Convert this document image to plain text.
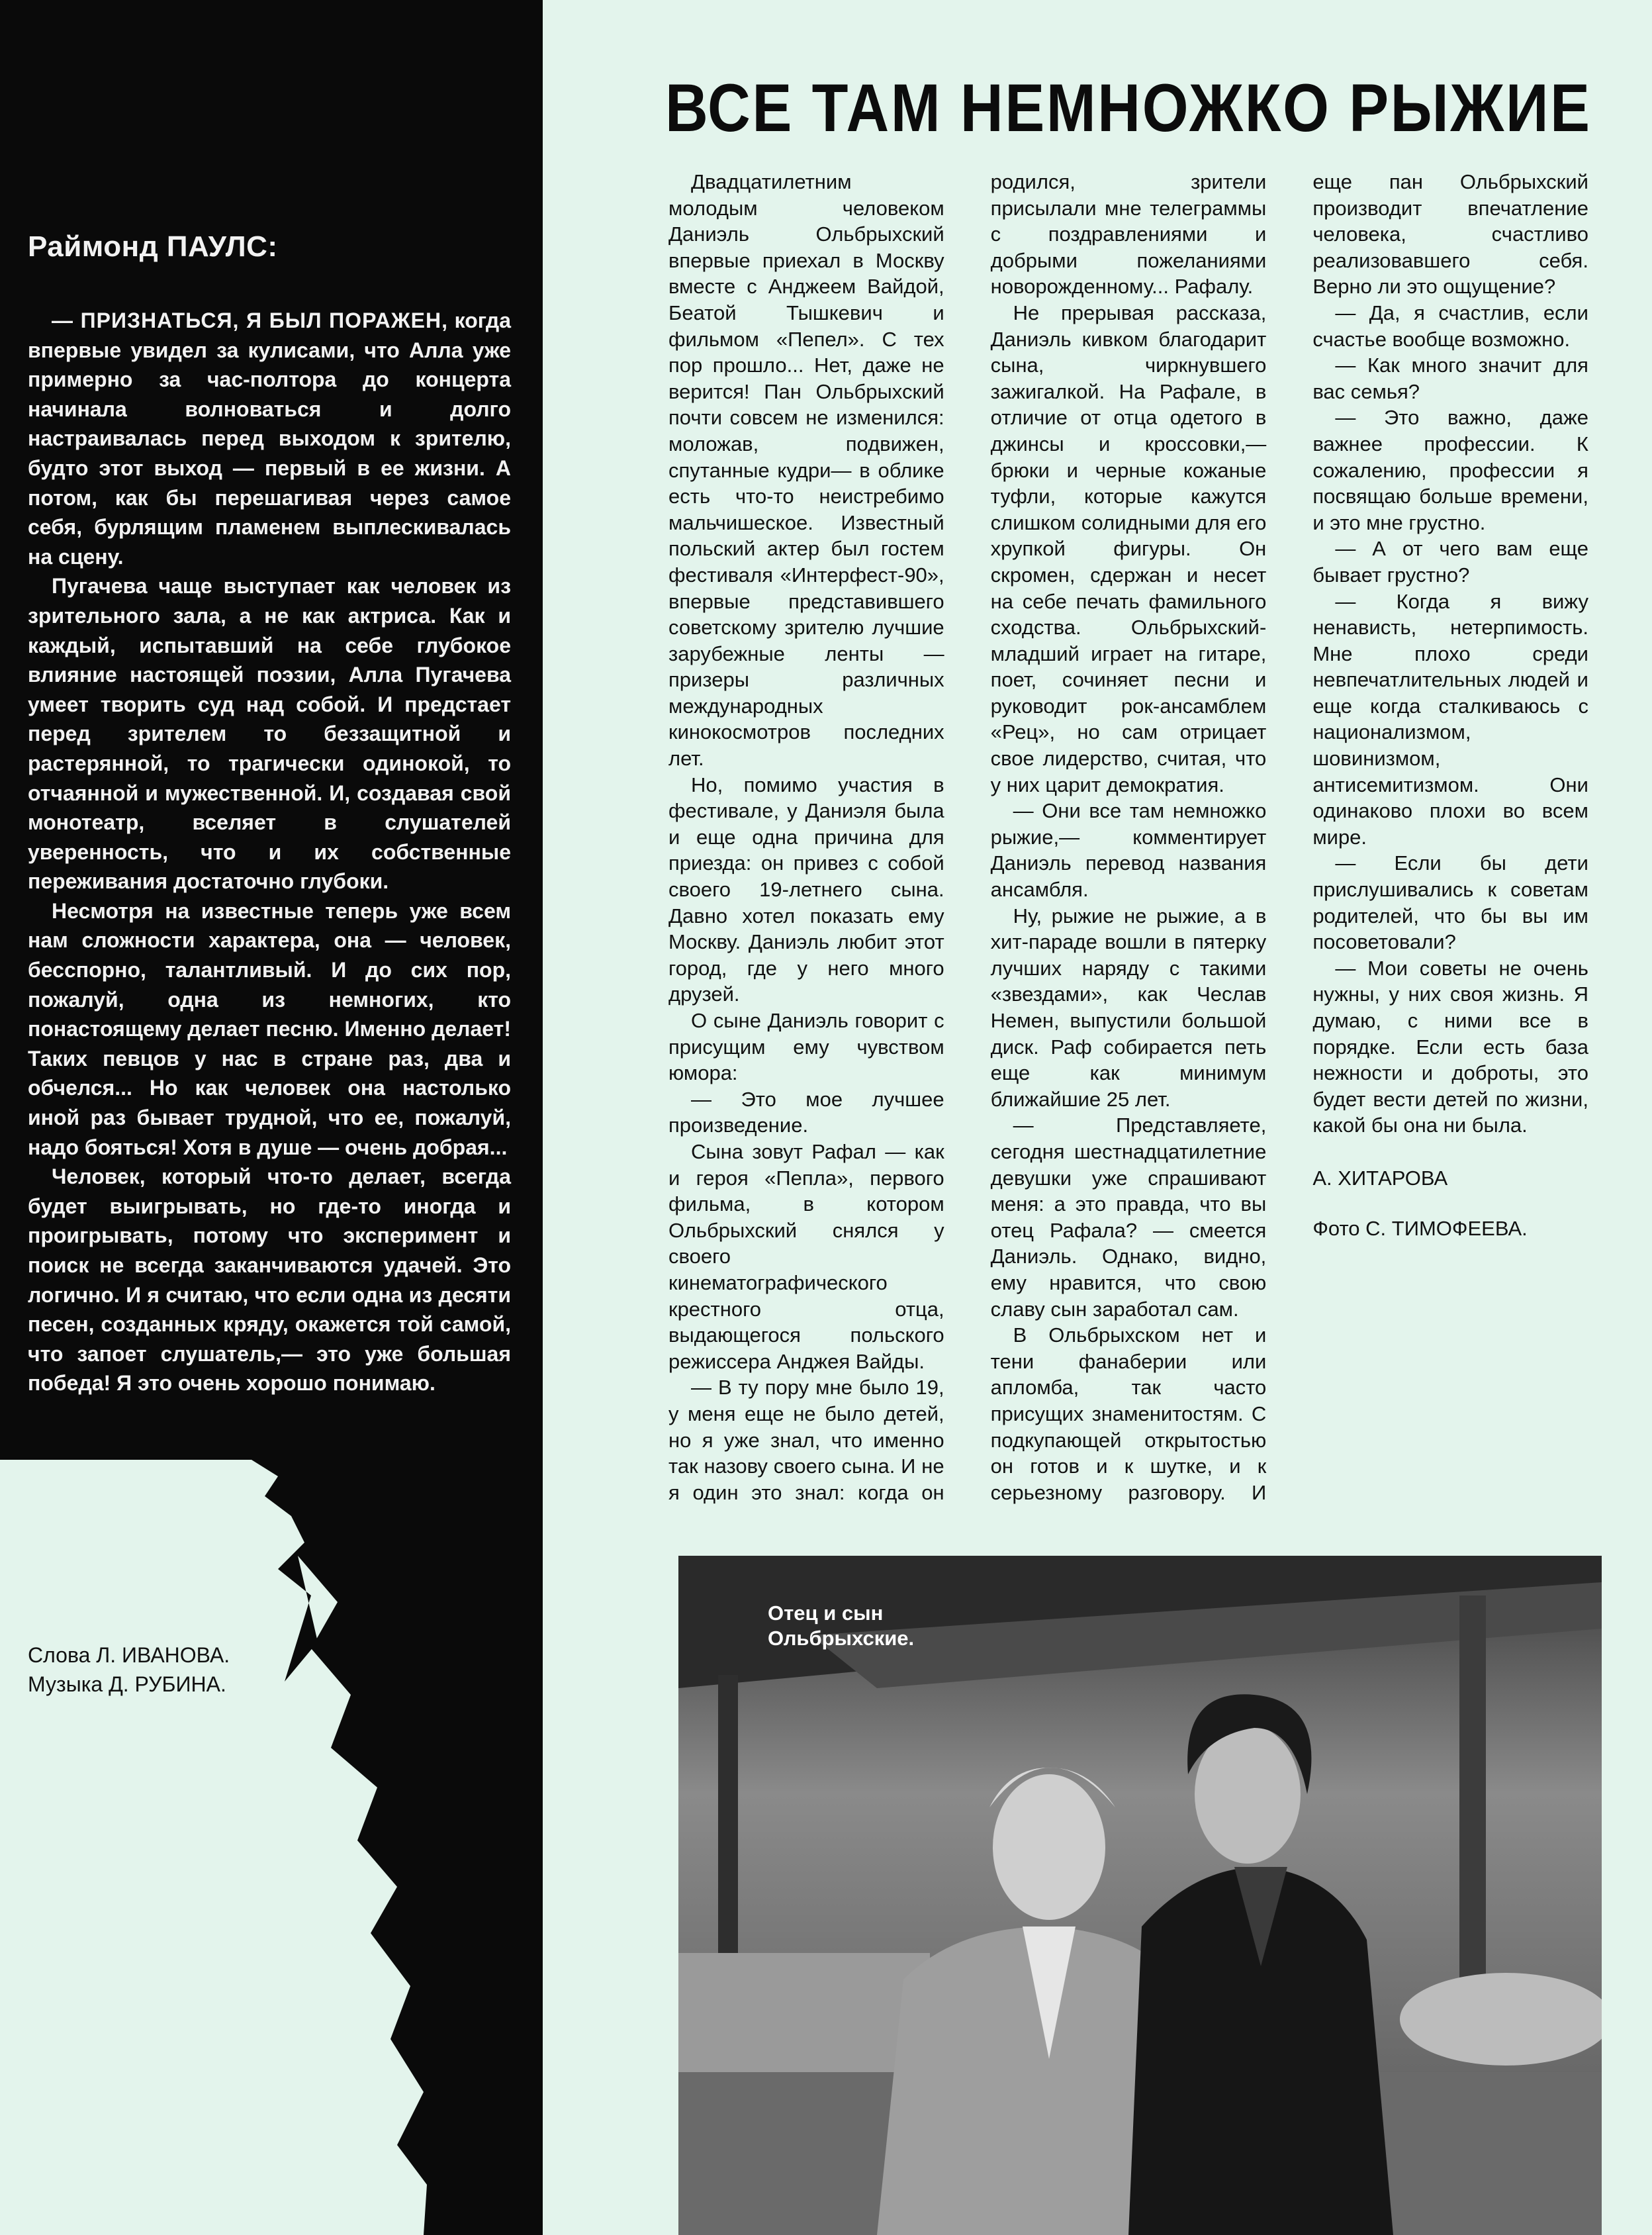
Раймонд ПАУЛС:

— ПРИЗНАТЬСЯ, Я БЫЛ ПОРАЖЕН, когда впервые увидел за кулисами, что Алла уже примерно за час-полтора до концерта начинала волноваться и долго настраивалась перед выходом к зрителю, будто этот выход — первый в ее жизни. А потом, как бы перешагивая через самое себя, бурлящим пламенем выплескивалась на сцену.

Пугачева чаще выступает как человек из зрительного зала, а не как актриса. Как и каждый, испытавший на себе глубокое влияние настоящей поэзии, Алла Пугачева умеет творить суд над собой. И предстает перед зрителем то беззащитной и растерянной, то трагически одинокой, то отчаянной и мужественной. И, создавая свой монотеатр, вселяет в слушателей уверенность, что и их собственные переживания достаточно глубоки.

Несмотря на известные теперь уже всем нам сложности характера, она — человек, бесспорно, талантливый. И до сих пор, пожалуй, одна из немногих, кто понастоящему делает песню. Именно делает! Таких певцов у нас в стране раз, два и обчелся... Но как человек она настолько иной раз бывает трудной, что ее, пожалуй, надо бояться! Хотя в душе — очень добрая...

Человек, который что-то делает, всегда будет выигрывать, но где-то иногда и проигрывать, потому что эксперимент и поиск не всегда заканчиваются удачей. Это логично. И я считаю, что если одна из десяти песен, созданных кряду, окажется той самой, что запоет слушатель,— это уже большая победа! Я это очень хорошо понимаю.

Слова Л. ИВАНОВА.
Музыка Д. РУБИНА.
ВСЕ ТАМ НЕМНОЖКО РЫЖИЕ

Двадцатилетним молодым человеком Даниэль Ольбрыхский впервые приехал в Москву вместе с Анджеем Вайдой, Беатой Тышкевич и фильмом «Пепел». С тех пор прошло... Нет, даже не верится! Пан Ольбрыхский почти совсем не изменился: моложав, подвижен, спутанные кудри— в облике есть что-то неистребимо мальчишеское. Известный польский актер был гостем фестиваля «Интерфест-90», впервые представившего советскому зрителю лучшие зарубежные ленты — призеры различных международных кинокосмотров последних лет.

Но, помимо участия в фестивале, у Даниэля была и еще одна причина для приезда: он привез с собой своего 19-летнего сына. Давно хотел показать ему Москву. Даниэль любит этот город, где у него много друзей.

О сыне Даниэль говорит с присущим ему чувством юмора:

— Это мое лучшее произведение.

Сына зовут Рафал — как и героя «Пепла», первого фильма, в котором Ольбрыхский снялся у своего кинематографического крестного отца, выдающегося польского режиссера Анджея Вайды.

— В ту пору мне было 19, у меня еще не было детей, но я уже знал, что именно так назову своего сына. И не я один это знал: когда он родился, зрители присылали мне телеграммы с поздравлениями и добрыми пожеланиями новорожденному... Рафалу.

Не прерывая рассказа, Даниэль кивком благодарит сына, чиркнувшего зажигалкой. На Рафале, в отличие от отца одетого в джинсы и кроссовки,— брюки и черные кожаные туфли, которые кажутся слишком солидными для его хрупкой фигуры. Он скромен, сдержан и несет на себе печать фамильного сходства. Ольбрыхский-младший играет на гитаре, поет, сочиняет песни и руководит рок-ансамблем «Рец», но сам отрицает свое лидерство, считая, что у них царит демократия.

— Они все там немножко рыжие,— комментирует Даниэль перевод названия ансамбля.

Ну, рыжие не рыжие, а в хит-параде вошли в пятерку лучших наряду с такими «звездами», как Чеслав Немен, выпустили большой диск. Раф собирается петь еще как минимум ближайшие 25 лет.

— Представляете, сегодня шестнадцатилетние девушки уже спрашивают меня: а это правда, что вы отец Рафала? — смеется Даниэль. Однако, видно, ему нравится, что свою славу сын заработал сам.

В Ольбрыхском нет и тени фанаберии или апломба, так часто присущих знаменитостям. С подкупающей открытостью он готов и к шутке, и к серьезному разговору. И еще пан Ольбрыхский производит впечатление человека, счастливо реализовавшего себя. Верно ли это ощущение?

— Да, я счастлив, если счастье вообще возможно.

— Как много значит для вас семья?

— Это важно, даже важнее профессии. К сожалению, профессии я посвящаю больше времени, и это мне грустно.

— А от чего вам еще бывает грустно?

— Когда я вижу ненависть, нетерпимость. Мне плохо среди невпечатлительных людей и еще когда сталкиваюсь с национализмом, шовинизмом, антисемитизмом. Они одинаково плохи во всем мире.

— Если бы дети прислушивались к советам родителей, что бы вы им посоветовали?

— Мои советы не очень нужны, у них своя жизнь. Я думаю, с ними все в порядке. Если есть база нежности и доброты, это будет вести детей по жизни, какой бы она ни была.

А. ХИТАРОВА

Фото С. ТИМОФЕЕВА.

Отец и сын
Ольбрыхские.
